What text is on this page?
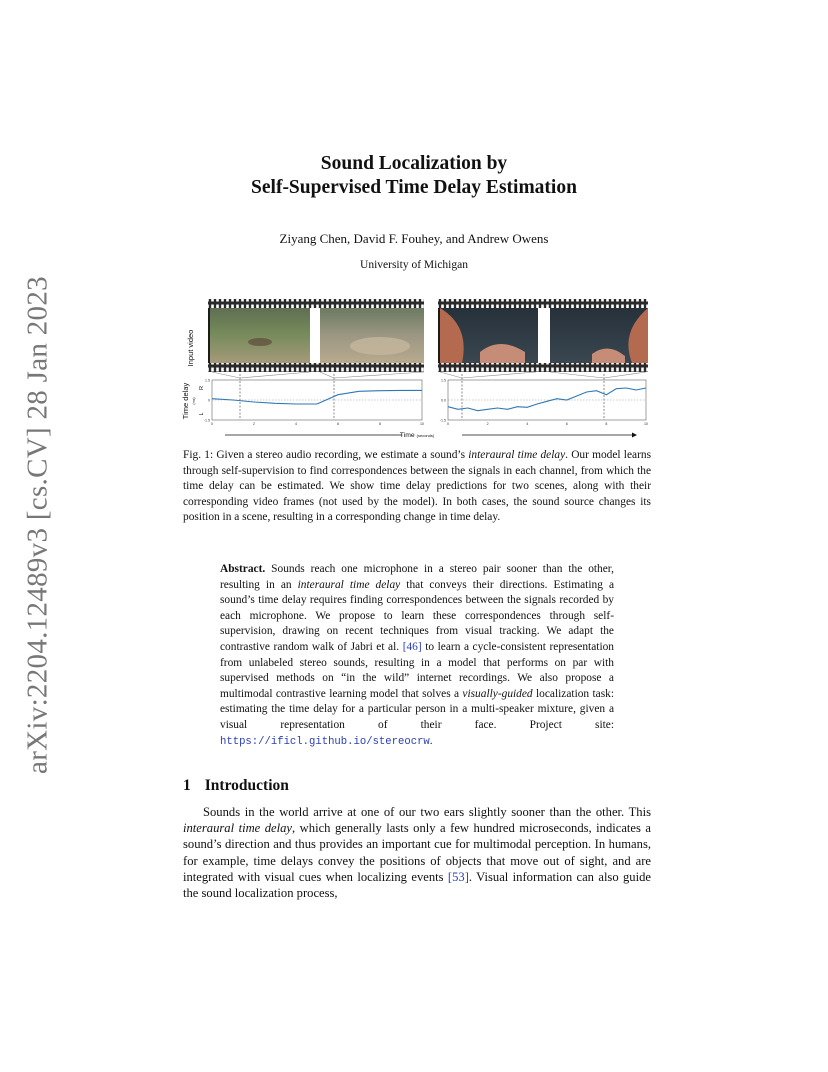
arXiv:2204.12489v3 [cs.CV] 28 Jan 2023
Sound Localization by
Self-Supervised Time Delay Estimation
Ziyang Chen, David F. Fouhey, and Andrew Owens
University of Michigan
Input video
Time delay (ms)
R
L
1.5
0
-1.5
0	2	4	6	8	10
1.5
0.0
-1.5
0	2	4	6	8	10
Time (seconds)

Fig. 1: Given a stereo audio recording, we estimate a sound’s interaural time delay. Our model learns through self-supervision to find correspondences between the signals in each channel, from which the time delay can be estimated. We show time delay predictions for two scenes, along with their corresponding video frames (not used by the model). In both cases, the sound source changes its position in a scene, resulting in a corresponding change in time delay.

Abstract. Sounds reach one microphone in a stereo pair sooner than the other, resulting in an interaural time delay that conveys their directions. Estimating a sound’s time delay requires finding correspondences between the signals recorded by each microphone. We propose to learn these correspondences through self-supervision, drawing on recent techniques from visual tracking. We adapt the contrastive random walk of Jabri et al. [46] to learn a cycle-consistent representation from unlabeled stereo sounds, resulting in a model that performs on par with supervised methods on “in the wild” internet recordings. We also propose a multimodal contrastive learning model that solves a visually-guided localization task: estimating the time delay for a particular person in a multi-speaker mixture, given a visual representation of their face. Project site: https://ificl.github.io/stereocrw.

1 Introduction

Sounds in the world arrive at one of our two ears slightly sooner than the other. This interaural time delay, which generally lasts only a few hundred microseconds, indicates a sound’s direction and thus provides an important cue for multimodal perception. In humans, for example, time delays convey the positions of objects that move out of sight, and are integrated with visual cues when localizing events [53]. Visual information can also guide the sound localization process,
